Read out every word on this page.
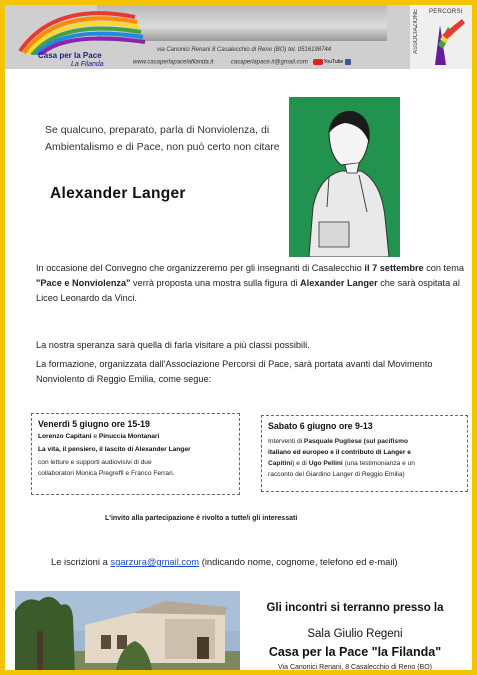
Casa per la Pace
La Filanda
via Canonici Renani 8 Casalecchio di Reno (BO) tel. 0516198744
www.casaperlapacelafilanda.it	casaperlapace.it@gmail.com	YouTube
ASSOCIAZIONE PERCORSI
Se qualcuno, preparato, parla di Nonviolenza, di Ambientalismo e di Pace, non può certo non citare
Alexander Langer

In occasione del Convegno che organizzeremo per gli insegnanti di Casalecchio il 7 settembre con tema "Pace e Nonviolenza" verrà proposta una mostra sulla figura di Alexander Langer che sarà ospitata al Liceo Leonardo da Vinci.

La nostra speranza sarà quella di farla visitare a più classi possibili.

La formazione, organizzata dall'Associazione Percorsi di Pace, sarà portata avanti dal Movimento Nonviolento di Reggio Emilia, come segue:

Venerdì 5 giugno ore 15-19
Lorenzo Capitani e Pinuccia Montanari
La vita, il pensiero, il lascito di Alexander Langer
con letture e supporti audiovisivi di due
collaboratori Monica Pregreffi e Franco Ferrari.
Sabato 6 giugno ore 9-13
Interventi di Pasquale Pugliese (sul pacifismo
italiano ed europeo e il contributo di Langer e
Capitini) e di Ugo Pellini (una testimonianza e un
racconto del Giardino Langer di Reggio Emilia)
L'invito alla partecipazione è rivolto a tutte/i gli interessati
Le iscrizioni a sgarzura@gmail.com (indicando nome, cognome, telefono ed e-mail)
Gli incontri si terranno presso la
Sala Giulio Regeni
Casa per la Pace "la Filanda"
Via Canonici Renani, 8 Casalecchio di Reno (BO)
